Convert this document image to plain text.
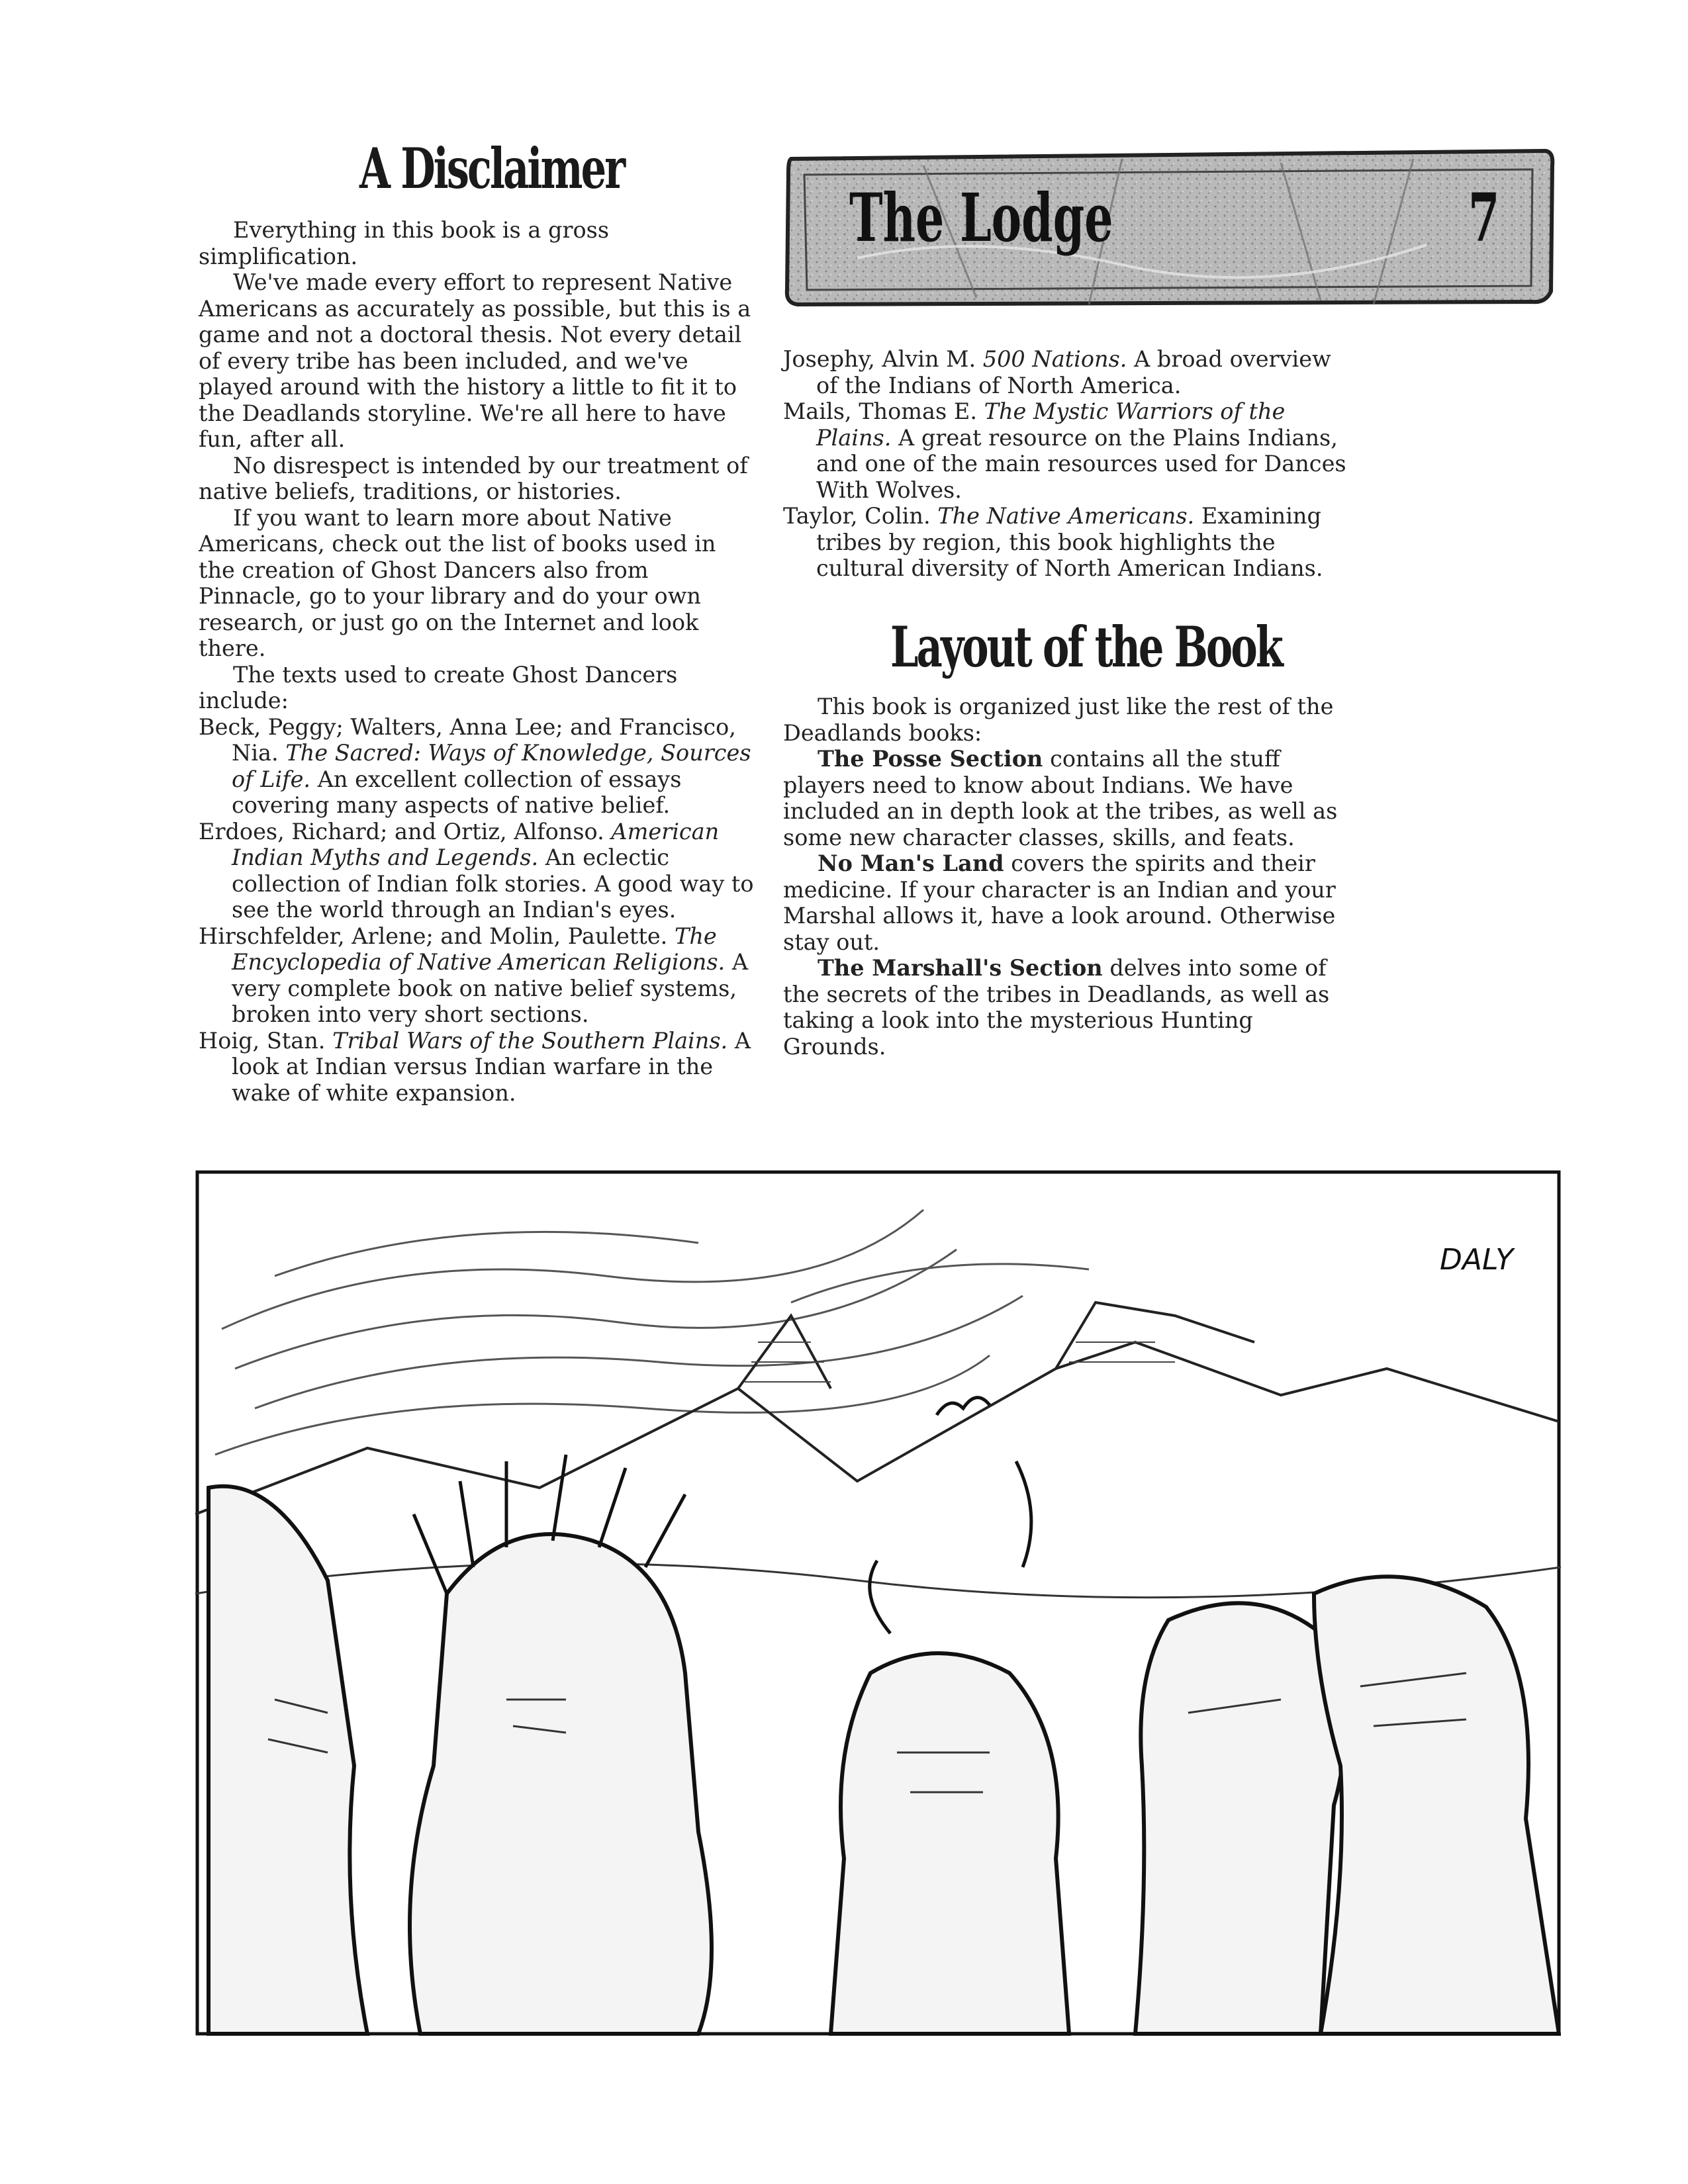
A Disclaimer

Everything in this book is a gross simplification.

We've made every effort to represent Native Americans as accurately as possible, but this is a game and not a doctoral thesis. Not every detail of every tribe has been included, and we've played around with the history a little to fit it to the Deadlands storyline. We're all here to have fun, after all.

No disrespect is intended by our treatment of native beliefs, traditions, or histories.

If you want to learn more about Native Americans, check out the list of books used in the creation of Ghost Dancers also from Pinnacle, go to your library and do your own research, or just go on the Internet and look there.

The texts used to create Ghost Dancers include:

Beck, Peggy; Walters, Anna Lee; and Francisco, Nia. The Sacred: Ways of Knowledge, Sources of Life. An excellent collection of essays covering many aspects of native belief.

Erdoes, Richard; and Ortiz, Alfonso. American Indian Myths and Legends. An eclectic collection of Indian folk stories. A good way to see the world through an Indian's eyes.

Hirschfelder, Arlene; and Molin, Paulette. The Encyclopedia of Native American Religions. A very complete book on native belief systems, broken into very short sections.

Hoig, Stan. Tribal Wars of the Southern Plains. A look at Indian versus Indian warfare in the wake of white expansion.

The Lodge	7

Josephy, Alvin M. 500 Nations. A broad overview of the Indians of North America.

Mails, Thomas E. The Mystic Warriors of the Plains. A great resource on the Plains Indians, and one of the main resources used for Dances With Wolves.

Taylor, Colin. The Native Americans. Examining tribes by region, this book highlights the cultural diversity of North American Indians.

Layout of the Book

This book is organized just like the rest of the Deadlands books:

The Posse Section contains all the stuff players need to know about Indians. We have included an in depth look at the tribes, as well as some new character classes, skills, and feats.

No Man's Land covers the spirits and their medicine. If your character is an Indian and your Marshal allows it, have a look around. Otherwise stay out.

The Marshall's Section delves into some of the secrets of the tribes in Deadlands, as well as taking a look into the mysterious Hunting Grounds.

DALY
